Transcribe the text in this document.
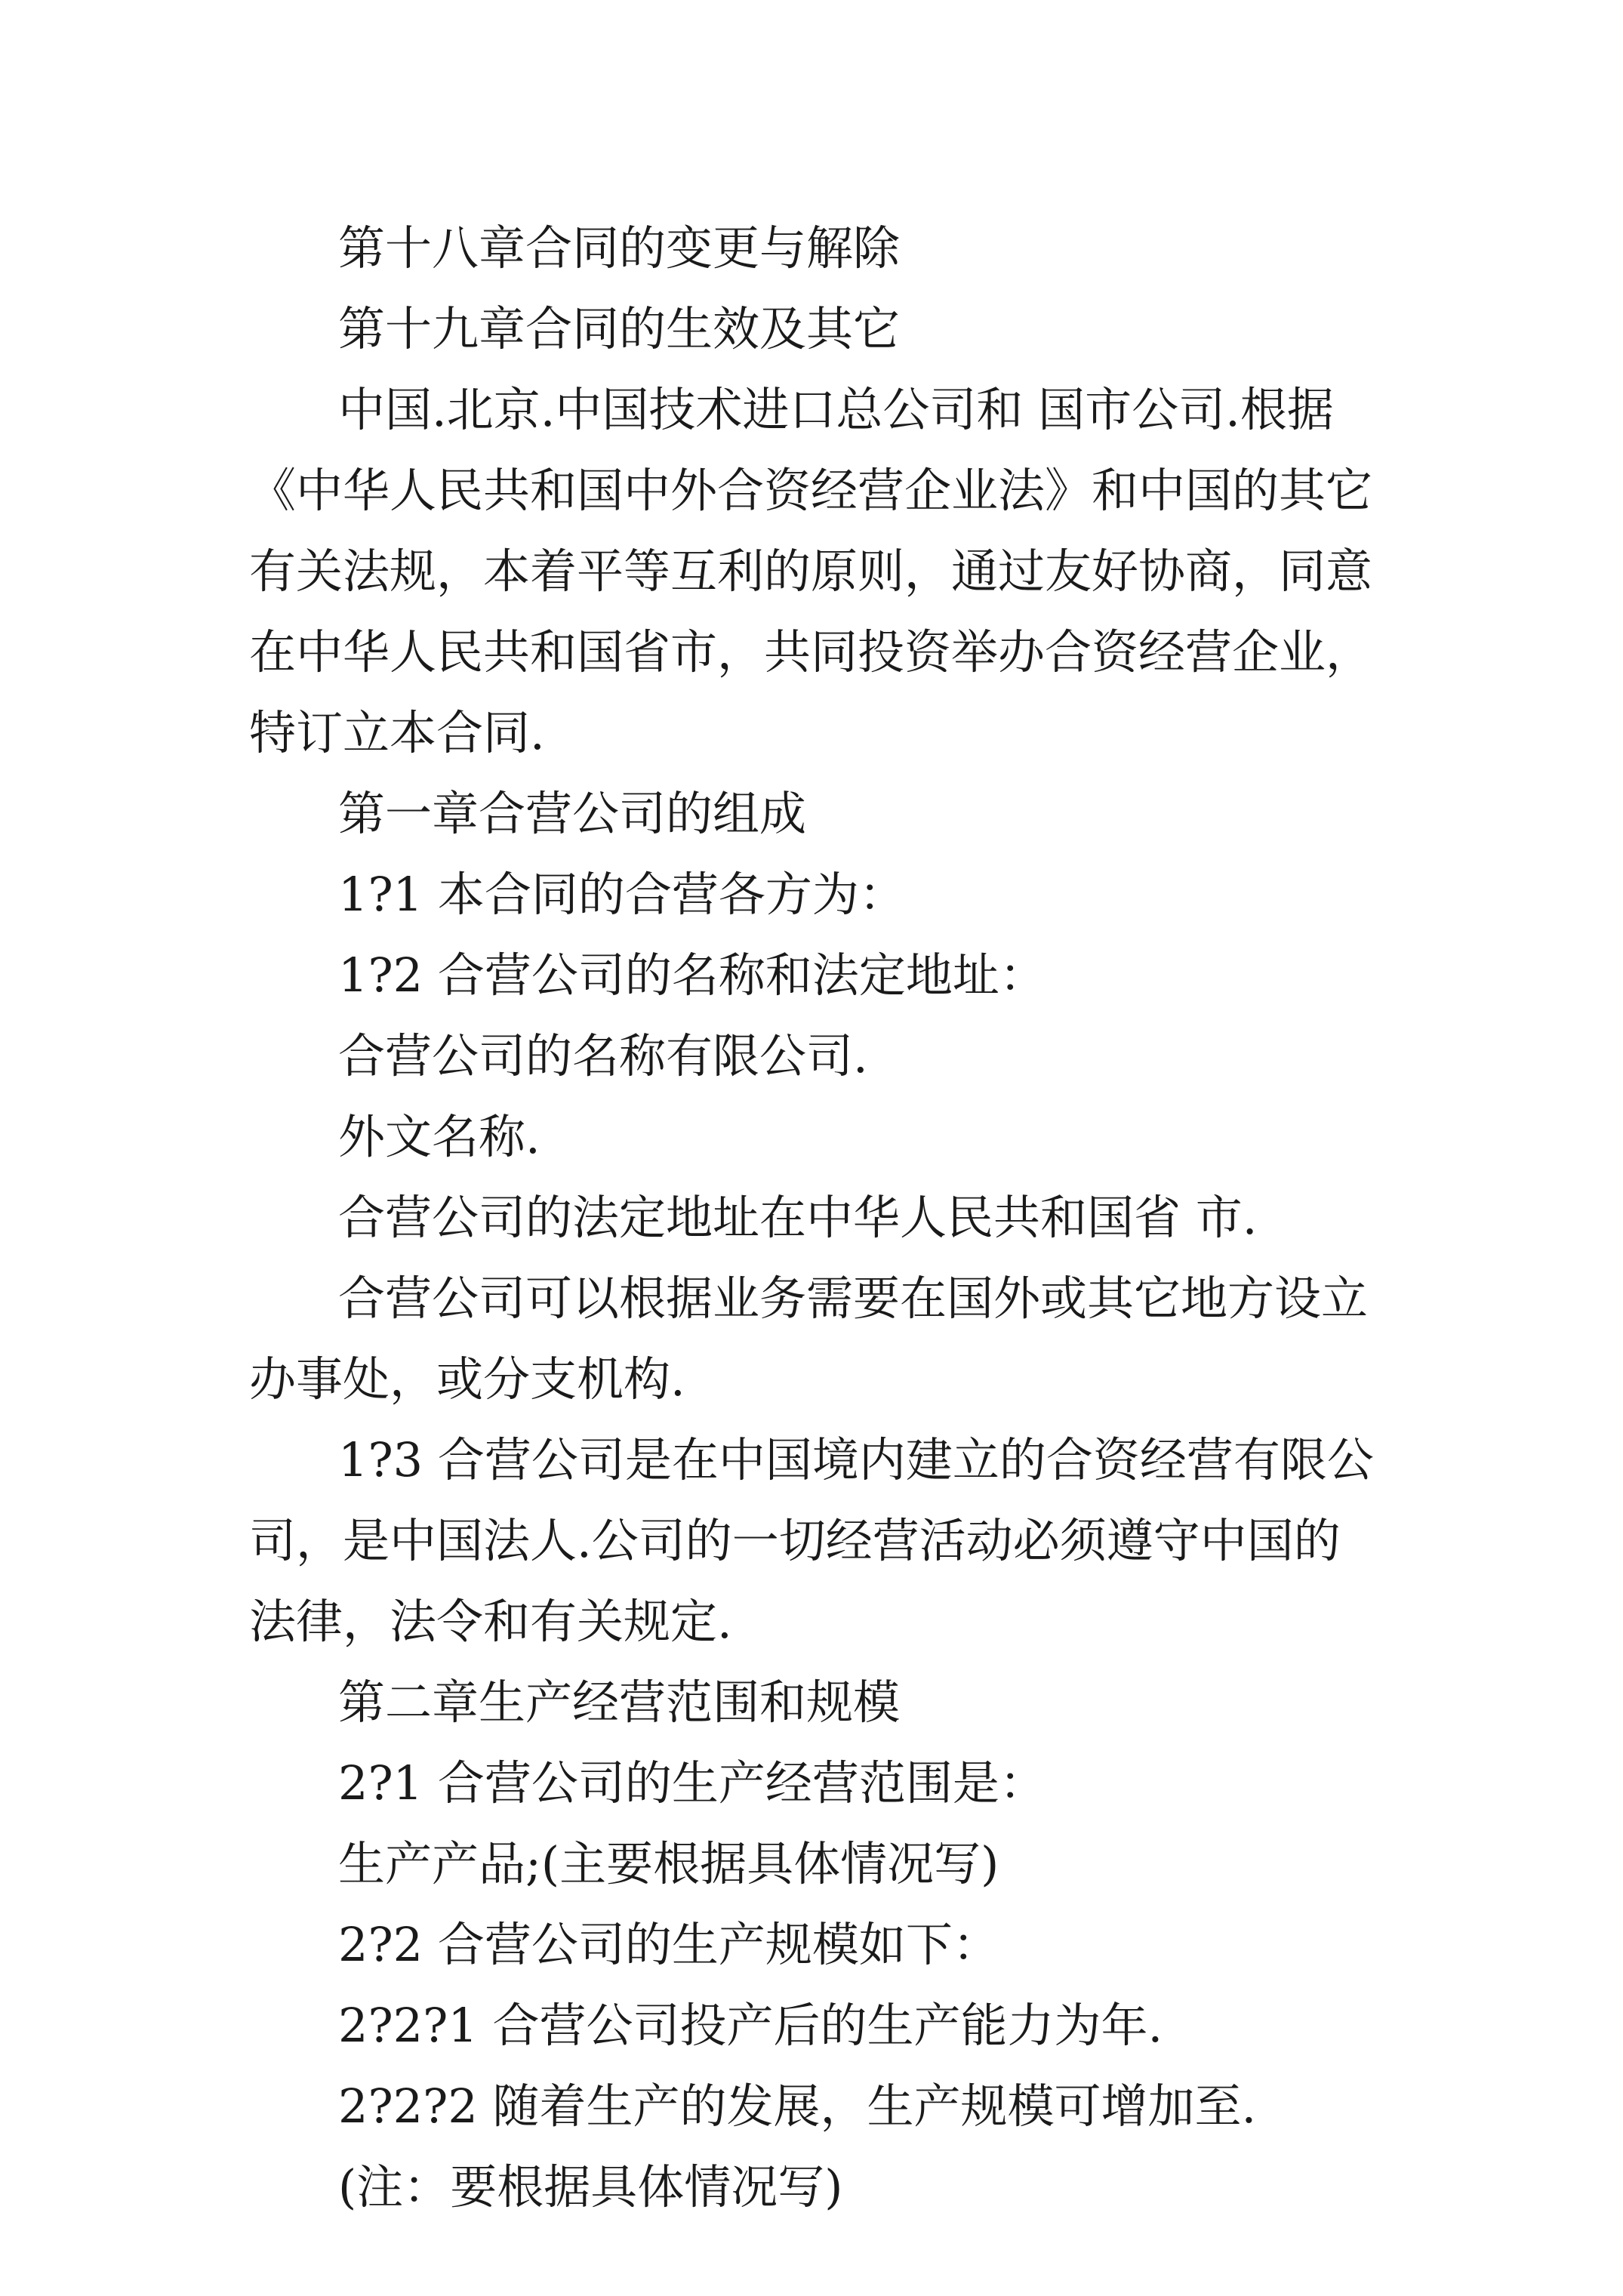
第十八章合同的变更与解除

第十九章合同的生效及其它

中国.北京.中国技术进口总公司和 国市公司.根据《中华人民共和国中外合资经营企业法》和中国的其它有关法规，本着平等互利的原则，通过友好协商，同意在中华人民共和国省市，共同投资举办合资经营企业，特订立本合同.

第一章合营公司的组成

1?1 本合同的合营各方为：

1?2 合营公司的名称和法定地址：

合营公司的名称有限公司.

外文名称.

合营公司的法定地址在中华人民共和国省 市.

合营公司可以根据业务需要在国外或其它地方设立办事处，或分支机构.

1?3 合营公司是在中国境内建立的合资经营有限公司，是中国法人.公司的一切经营活动必须遵守中国的法律，法令和有关规定.

第二章生产经营范围和规模

2?1 合营公司的生产经营范围是：

生产产品;(主要根据具体情况写)

2?2 合营公司的生产规模如下：

2?2?1 合营公司投产后的生产能力为年.

2?2?2 随着生产的发展，生产规模可增加至.

(注：要根据具体情况写)
